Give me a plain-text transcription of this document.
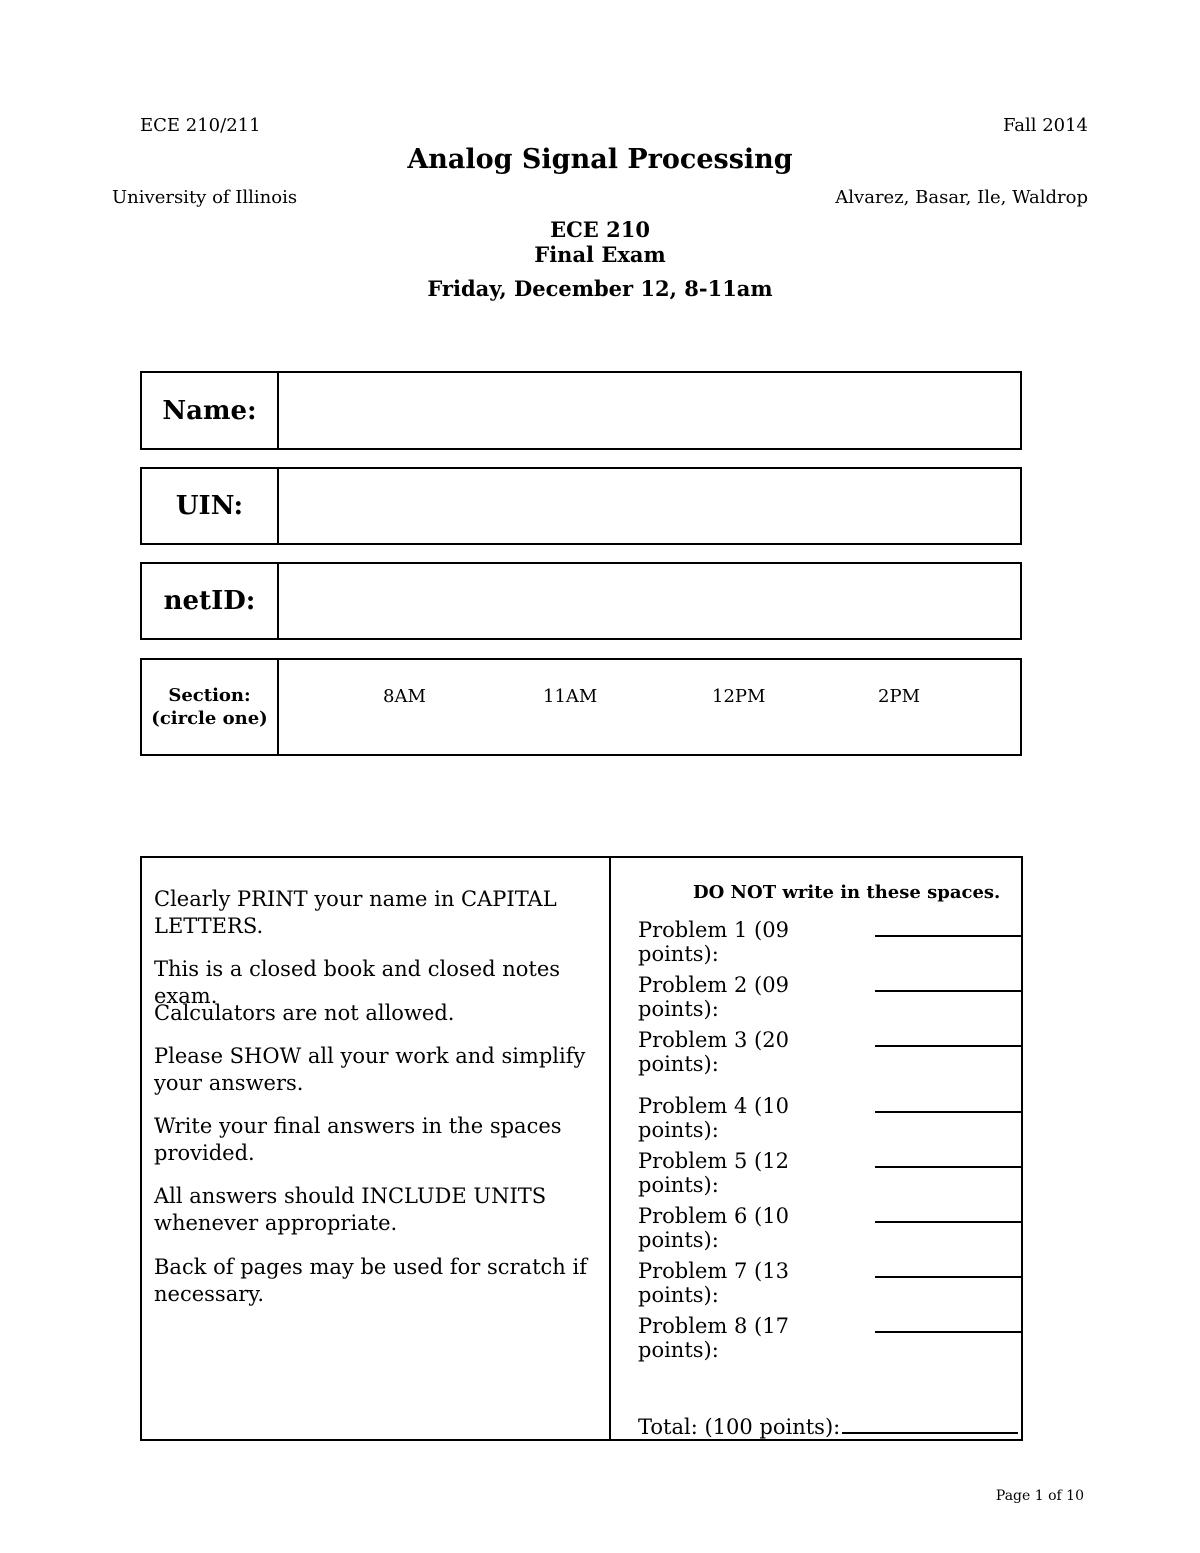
ECE 210/211	Fall 2014
Analog Signal Processing
University of Illinois	Alvarez, Basar, Ile, Waldrop
ECE 210
Final Exam
Friday, December 12, 8-11am
Name:
UIN:
netID:
Section:
(circle one)
8AM	11AM	12PM	2PM
Clearly PRINT your name in CAPITAL LETTERS.
This is a closed book and closed notes exam.
Calculators are not allowed.
Please SHOW all your work and simplify your answers.
Write your final answers in the spaces provided.
All answers should INCLUDE UNITS whenever appropriate.
Back of pages may be used for scratch if necessary.
DO NOT write in these spaces.
Problem 1 (09 points):
Problem 2 (09 points):
Problem 3 (20 points):
Problem 4 (10 points):
Problem 5 (12 points):
Problem 6 (10 points):
Problem 7 (13 points):
Problem 8 (17 points):
Total: (100 points):
Page 1 of 10
